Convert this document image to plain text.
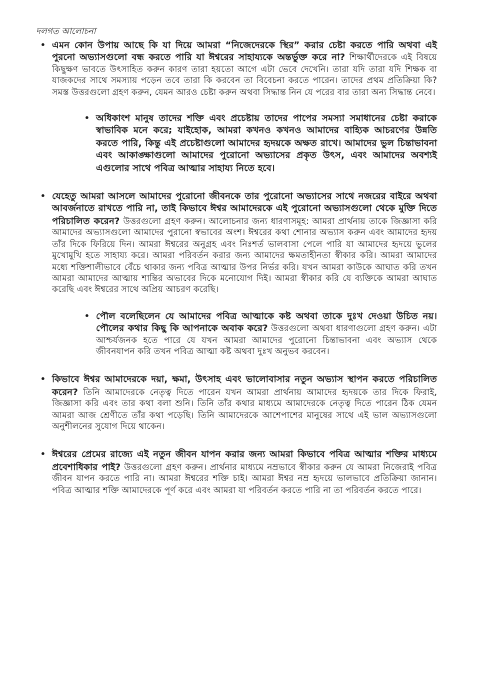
দলগত আলোচনা

• এমন কোন উপায় আছে কি যা দিয়ে আমরা “নিজেদেরকে স্থির” করার চেষ্টা করতে পারি অথবা এই পুরনো অভ্যাসগুলো বন্ধ করতে পারি যা ঈশ্বরের সাহায্যকে অন্তর্ভুক্ত করে না? শিক্ষার্থীদেরকে এই বিষয়ে কিছুক্ষণ ভাবতে উৎসাহিত করুন কারণ তারা হয়তো আগে এটা ভেবে দেখেনি। তারা যদি তারা যদি শিক্ষক বা যাজকদের সাথে সমস্যায় পড়েন তবে তারা কি করবেন তা বিবেচনা করতে পারেন। তাদের প্রথম প্রতিক্রিয়া কি? সমস্ত উত্তরগুলো গ্রহণ করুন, যেমন আরও চেষ্টা করুন অথবা সিদ্ধান্ত নিন যে পরের বার তারা অন্য সিদ্ধান্ত নেবে।
• অধিকাংশ মানুষ তাদের শক্তি এবং প্রচেষ্টায় তাদের পাপের সমস্যা সমাধানের চেষ্টা করাকে স্বাভাবিক মনে করে; যাইহোক, আমরা কখনও কখনও আমাদের বাহ্যিক আচরণের উন্নতি করতে পারি, কিন্তু এই প্রচেষ্টাগুলো আমাদের হৃদয়কে অক্ষত রাখে। আমাদের ভুল চিন্তাভাবনা এবং আকাঙ্ক্ষাগুলো আমাদের পুরোনো অভ্যাসের প্রকৃত উৎস, এবং আমাদের অবশ্যই এগুলোর সাথে পবিত্র আত্মার সাহায্য নিতে হবে।
• যেহেতু আমরা আসলে আমাদের পুরোনো জীবনকে তার পুরোনো অভ্যাসের সাথে নজরের বাইরে অথবা আবর্জনাতে রাখতে পারি না, তাই কিভাবে ঈশ্বর আমাদেরকে এই পুরোনো অভ্যাসগুলো থেকে মুক্তি দিতে পরিচালিত করেন? উত্তরগুলো গ্রহণ করুন। আলোচনার জন্য ধারণাসমূহ: আমরা প্রার্থনায় তাকে জিজ্ঞাসা করি আমাদের অভ্যাসগুলো আমাদের পুরানো স্বভাবের অংশ। ঈশ্বরের কথা শোনার অভ্যাস করুন এবং আমাদের হৃদয় তাঁর দিকে ফিরিয়ে দিন। আমরা ঈশ্বরের অনুগ্রহ এবং নিঃশর্ত ভালবাসা পেলে পারি যা আমাদের হৃদয়ে ভুলের মুখোমুখি হতে সাহায্য করে। আমরা পরিবর্তন করার জন্য আমাদের ক্ষমতাহীনতা স্বীকার করি। আমরা আমাদের মধ্যে শক্তিশালীভাবে বেঁচে থাকার জন্য পবিত্র আত্মার উপর নির্ভর করি। যখন আমরা কাউকে আঘাত করি তখন আমরা আমাদের আত্মায় শান্তির অভাবের দিকে মনোযোগ দিই। আমরা স্বীকার করি যে ব্যক্তিকে আমরা আঘাত করেছি এবং ঈশ্বরের সাথে অপ্রিয় আচরণ করেছি।
• পৌল বলেছিলেন যে আমাদের পবিত্র আত্মাকে কষ্ট অথবা তাকে দুঃখ দেওয়া উচিত নয়। পৌলের কথার কিছু কি আপনাকে অবাক করে? উত্তরগুলো অথবা ধারণাগুলো গ্রহণ করুন। এটা আশ্চর্যজনক হতে পারে যে যখন আমরা আমাদের পুরোনো চিন্তাভাবনা এবং অভ্যাস থেকে জীবনযাপন করি তখন পবিত্র আত্মা কষ্ট অথবা দুঃখ অনুভব করবেন।
• কিভাবে ঈশ্বর আমাদেরকে দয়া, ক্ষমা, উৎসাহ এবং ভালোবাসার নতুন অভ্যাস স্থাপন করতে পরিচালিত করেন? তিনি আমাদেরকে নেতৃত্ব দিতে পারেন যখন আমরা প্রার্থনায় আমাদের হৃদয়কে তার দিকে ফিরাই, জিজ্ঞাসা করি এবং তার কথা বলা শুনি। তিনি তাঁর কথার মাধ্যমে আমাদেরকে নেতৃত্ব দিতে পারেন ঠিক যেমন আমরা আজ শ্রেণীতে তাঁর কথা পড়েছি। তিনি আমাদেরকে আশেপাশের মানুষের সাথে এই ভাল অভ্যাসগুলো অনুশীলনের সুযোগ দিয়ে থাকেন।
• ঈশ্বরের প্রেমের রাজ্যে এই নতুন জীবন যাপন করার জন্য আমরা কিভাবে পবিত্র আত্মার শক্তির মাধ্যমে প্রবেশাধিকার পাই? উত্তরগুলো গ্রহণ করুন। প্রার্থনার মাধ্যমে নম্রভাবে স্বীকার করুন যে আমরা নিজেরাই পবিত্র জীবন যাপন করতে পারি না। আমরা ঈশ্বরের শক্তি চাই। আমরা ঈশ্বর নম্র হৃদয়ে ভালভাবে প্রতিক্রিয়া জানান। পবিত্র আত্মার শক্তি আমাদেরকে পূর্ণ করে এবং আমরা যা পরিবর্তন করতে পারি না তা পরিবর্তন করতে পারে।
